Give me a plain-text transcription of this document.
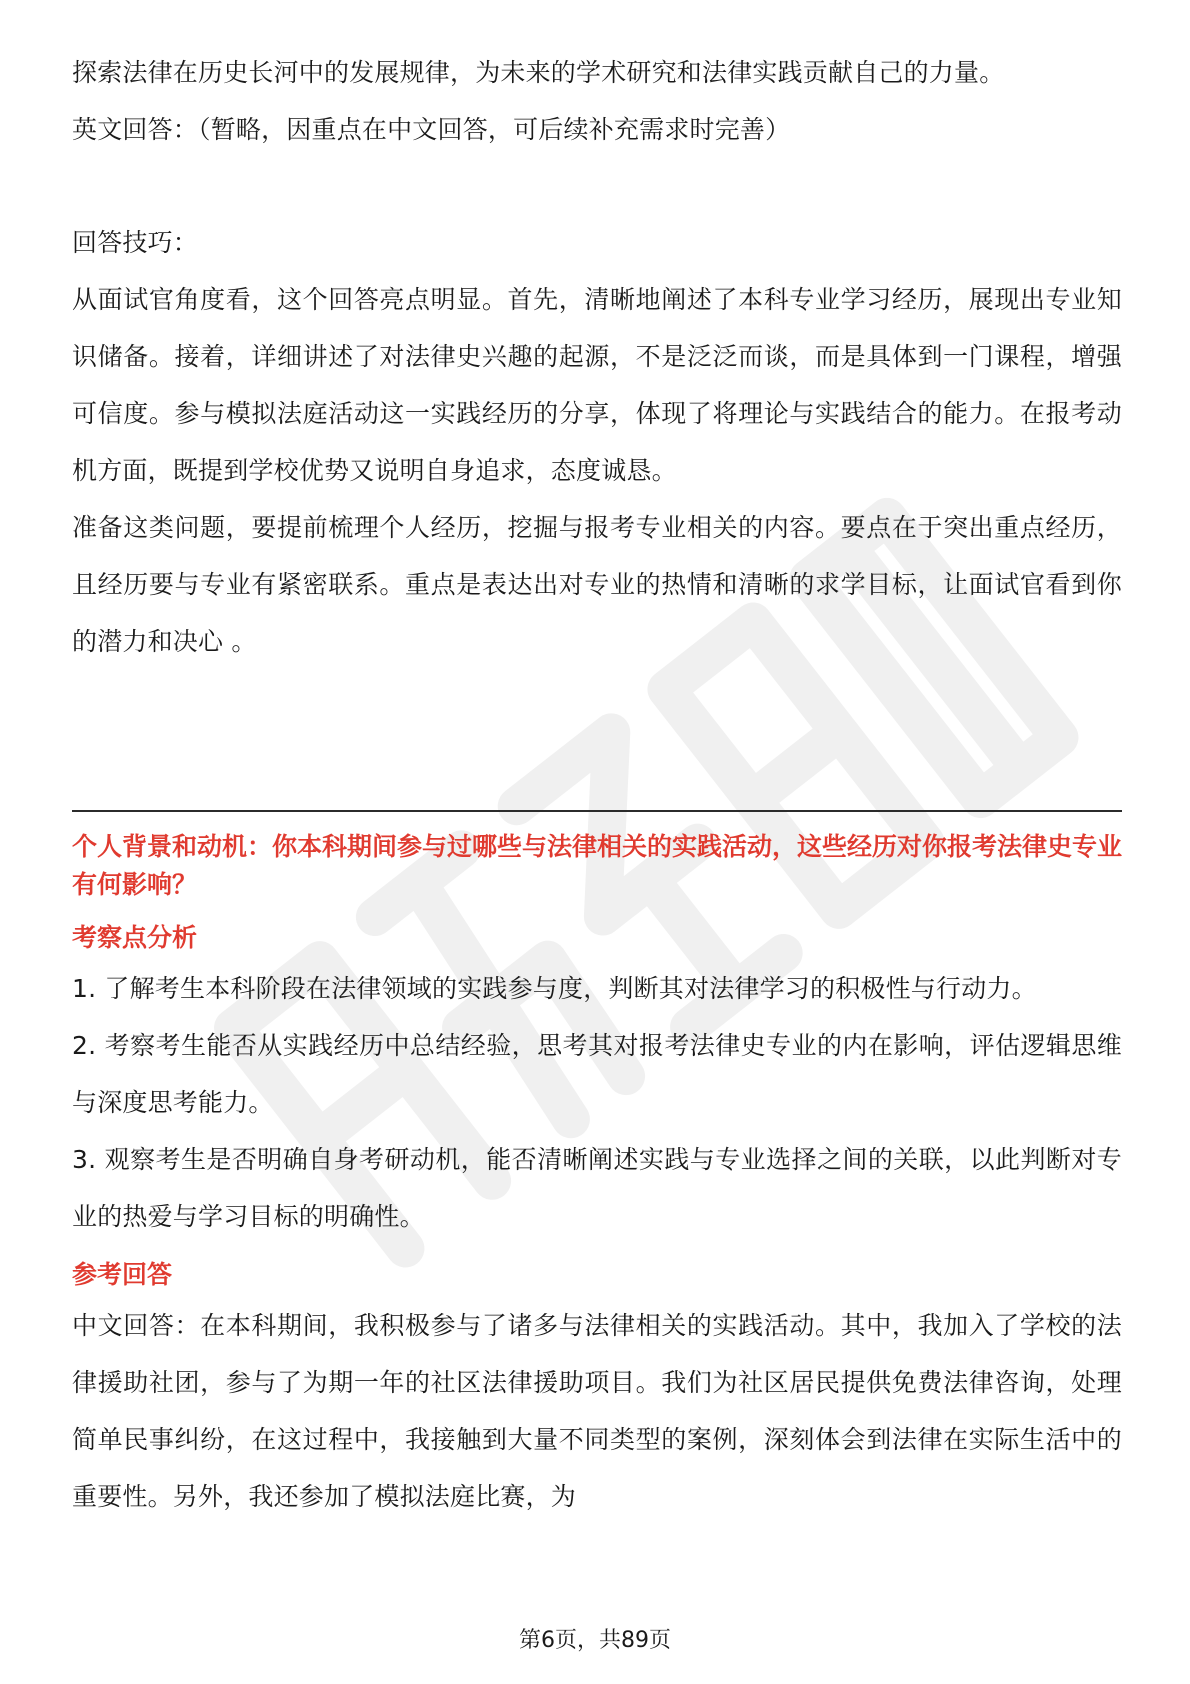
探索法律在历史长河中的发展规律，为未来的学术研究和法律实践贡献自己的力量。

英文回答：（暂略，因重点在中文回答，可后续补充需求时完善）

回答技巧：

从面试官角度看，这个回答亮点明显。首先，清晰地阐述了本科专业学习经历，展现出专业知识储备。接着，详细讲述了对法律史兴趣的起源，不是泛泛而谈，而是具体到一门课程，增强可信度。参与模拟法庭活动这一实践经历的分享，体现了将理论与实践结合的能力。在报考动机方面，既提到学校优势又说明自身追求，态度诚恳。

准备这类问题，要提前梳理个人经历，挖掘与报考专业相关的内容。要点在于突出重点经历，且经历要与专业有紧密联系。重点是表达出对专业的热情和清晰的求学目标，让面试官看到你的潜力和决心 。

个人背景和动机：你本科期间参与过哪些与法律相关的实践活动，这些经历对你报考法律史专业有何影响？

考察点分析

1. 了解考生本科阶段在法律领域的实践参与度，判断其对法律学习的积极性与行动力。

2. 考察考生能否从实践经历中总结经验，思考其对报考法律史专业的内在影响，评估逻辑思维与深度思考能力。

3. 观察考生是否明确自身考研动机，能否清晰阐述实践与专业选择之间的关联，以此判断对专业的热爱与学习目标的明确性。

参考回答

中文回答：在本科期间，我积极参与了诸多与法律相关的实践活动。其中，我加入了学校的法律援助社团，参与了为期一年的社区法律援助项目。我们为社区居民提供免费法律咨询，处理简单民事纠纷，在这过程中，我接触到大量不同类型的案例，深刻体会到法律在实际生活中的重要性。另外，我还参加了模拟法庭比赛，为

第6页，共89页
